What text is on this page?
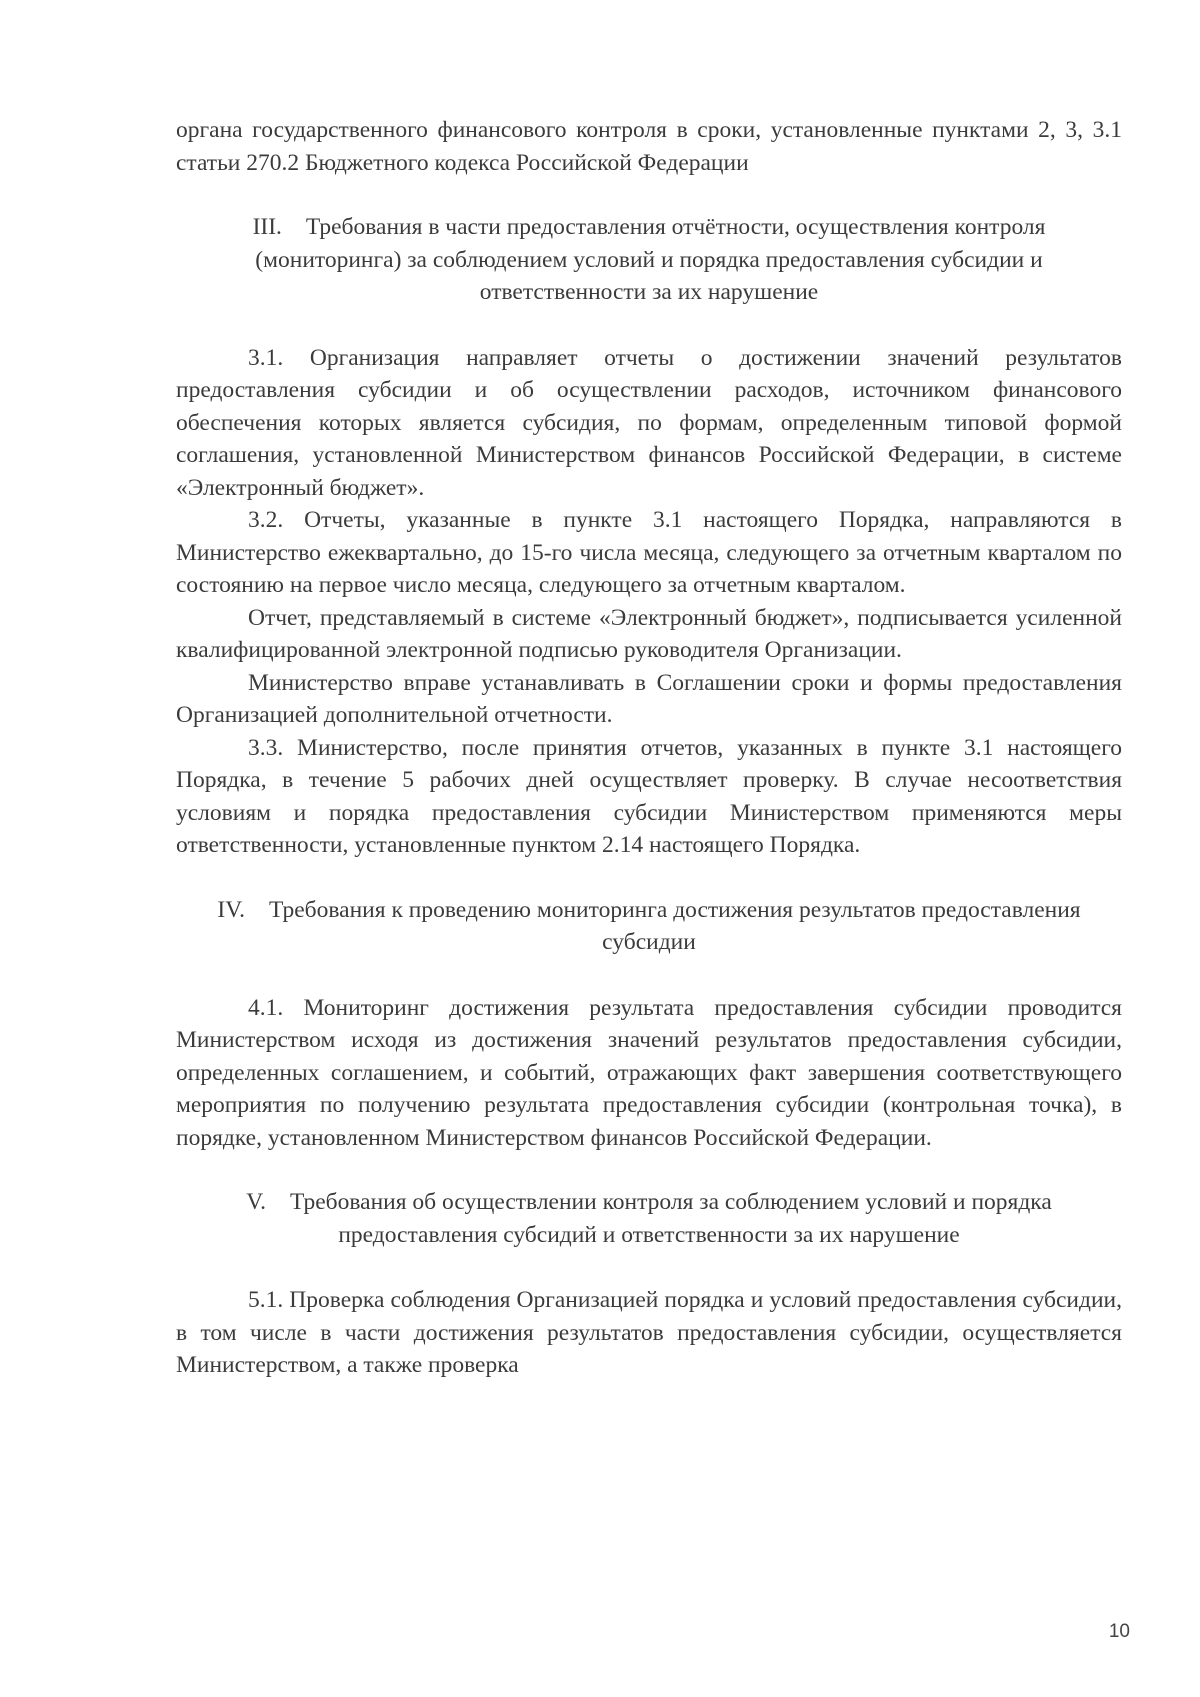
органа государственного финансового контроля в сроки, установленные пунктами 2, 3, 3.1 статьи 270.2 Бюджетного кодекса Российской Федерации

III. Требования в части предоставления отчётности, осуществления контроля (мониторинга) за соблюдением условий и порядка предоставления субсидии и ответственности за их нарушение

3.1. Организация направляет отчеты о достижении значений результатов предоставления субсидии и об осуществлении расходов, источником финансового обеспечения которых является субсидия, по формам, определенным типовой формой соглашения, установленной Министерством финансов Российской Федерации, в системе «Электронный бюджет».

3.2. Отчеты, указанные в пункте 3.1 настоящего Порядка, направляются в Министерство ежеквартально, до 15-го числа месяца, следующего за отчетным кварталом по состоянию на первое число месяца, следующего за отчетным кварталом.

Отчет, представляемый в системе «Электронный бюджет», подписывается усиленной квалифицированной электронной подписью руководителя Организации.

Министерство вправе устанавливать в Соглашении сроки и формы предоставления Организацией дополнительной отчетности.

3.3. Министерство, после принятия отчетов, указанных в пункте 3.1 настоящего Порядка, в течение 5 рабочих дней осуществляет проверку. В случае несоответствия условиям и порядка предоставления субсидии Министерством применяются меры ответственности, установленные пунктом 2.14 настоящего Порядка.

IV. Требования к проведению мониторинга достижения результатов предоставления субсидии

4.1. Мониторинг достижения результата предоставления субсидии проводится Министерством исходя из достижения значений результатов предоставления субсидии, определенных соглашением, и событий, отражающих факт завершения соответствующего мероприятия по получению результата предоставления субсидии (контрольная точка), в порядке, установленном Министерством финансов Российской Федерации.

V. Требования об осуществлении контроля за соблюдением условий и порядка предоставления субсидий и ответственности за их нарушение

5.1. Проверка соблюдения Организацией порядка и условий предоставления субсидии, в том числе в части достижения результатов предоставления субсидии, осуществляется Министерством, а также проверка

10
